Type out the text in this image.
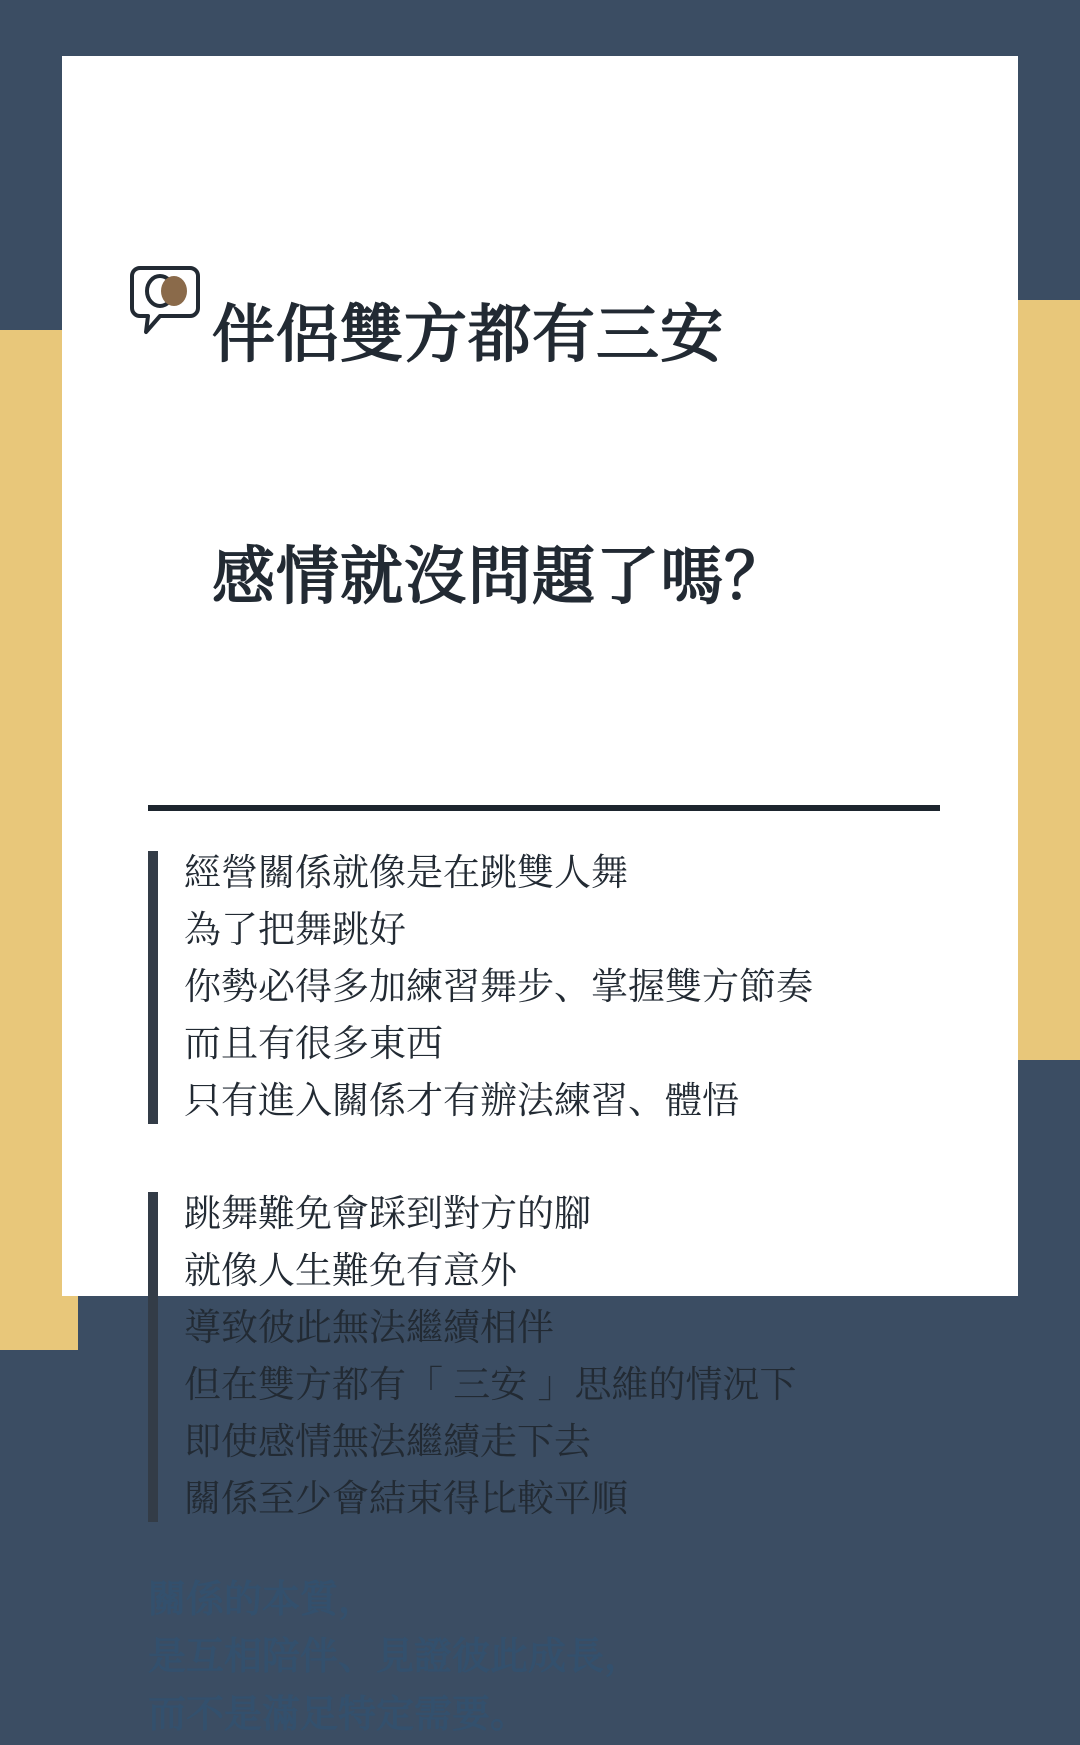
伴侶雙方都有三安

感情就沒問題了嗎？

經營關係就像是在跳雙人舞
為了把舞跳好
你勢必得多加練習舞步、掌握雙方節奏
而且有很多東西
只有進入關係才有辦法練習、體悟
跳舞難免會踩到對方的腳
就像人生難免有意外
導致彼此無法繼續相伴
但在雙方都有「 三安 」思維的情況下
即使感情無法繼續走下去
關係至少會結束得比較平順
關係的本質，
是互相陪伴、見證彼此成長，
而不是滿足特定需要。
